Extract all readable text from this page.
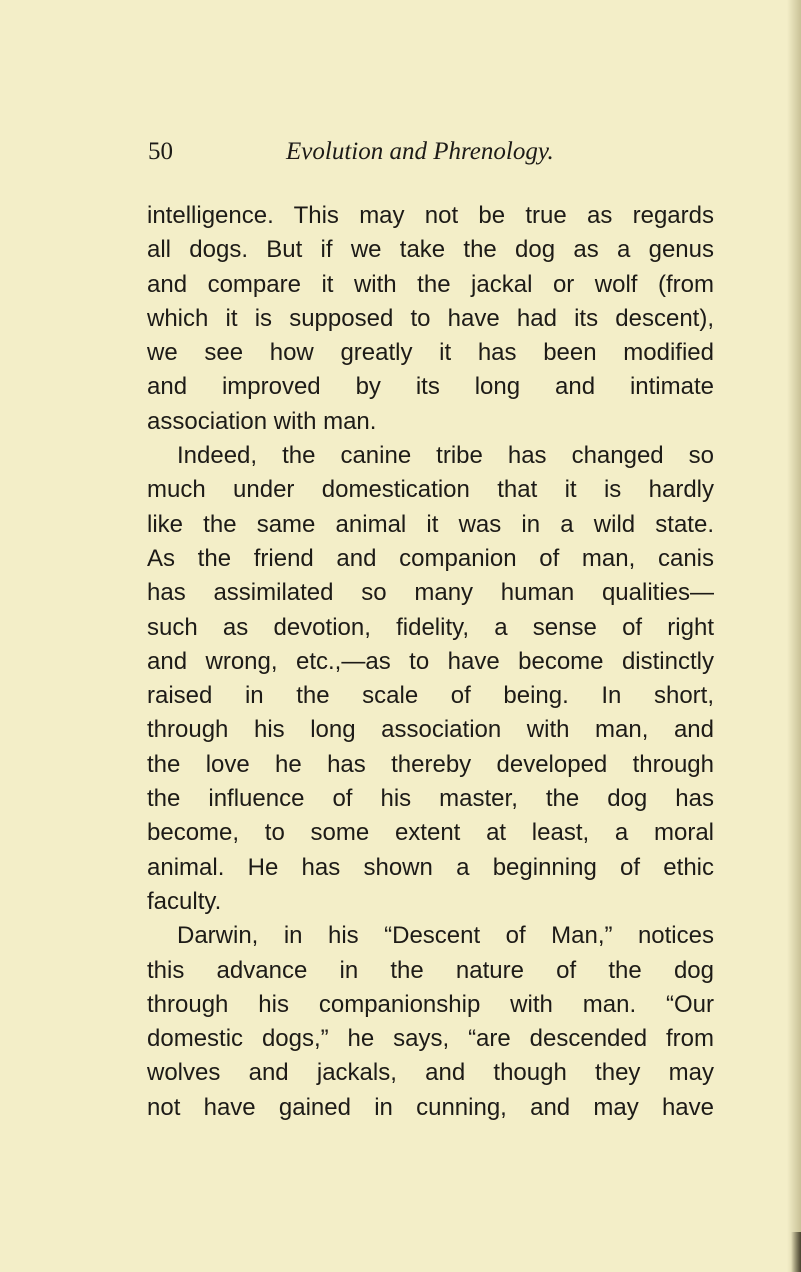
50	Evolution and Phrenology.
intelligence. This may not be true as regards
all dogs. But if we take the dog as a genus
and compare it with the jackal or wolf (from
which it is supposed to have had its descent),
we see how greatly it has been modified
and improved by its long and intimate
association with man.
Indeed, the canine tribe has changed so
much under domestication that it is hardly
like the same animal it was in a wild state.
As the friend and companion of man, canis
has assimilated so many human qualities—
such as devotion, fidelity, a sense of right
and wrong, etc.,—as to have become distinctly
raised in the scale of being. In short,
through his long association with man, and
the love he has thereby developed through
the influence of his master, the dog has
become, to some extent at least, a moral
animal. He has shown a beginning of ethic
faculty.
Darwin, in his “Descent of Man,” notices
this advance in the nature of the dog
through his companionship with man. “Our
domestic dogs,” he says, “are descended from
wolves and jackals, and though they may
not have gained in cunning, and may have
